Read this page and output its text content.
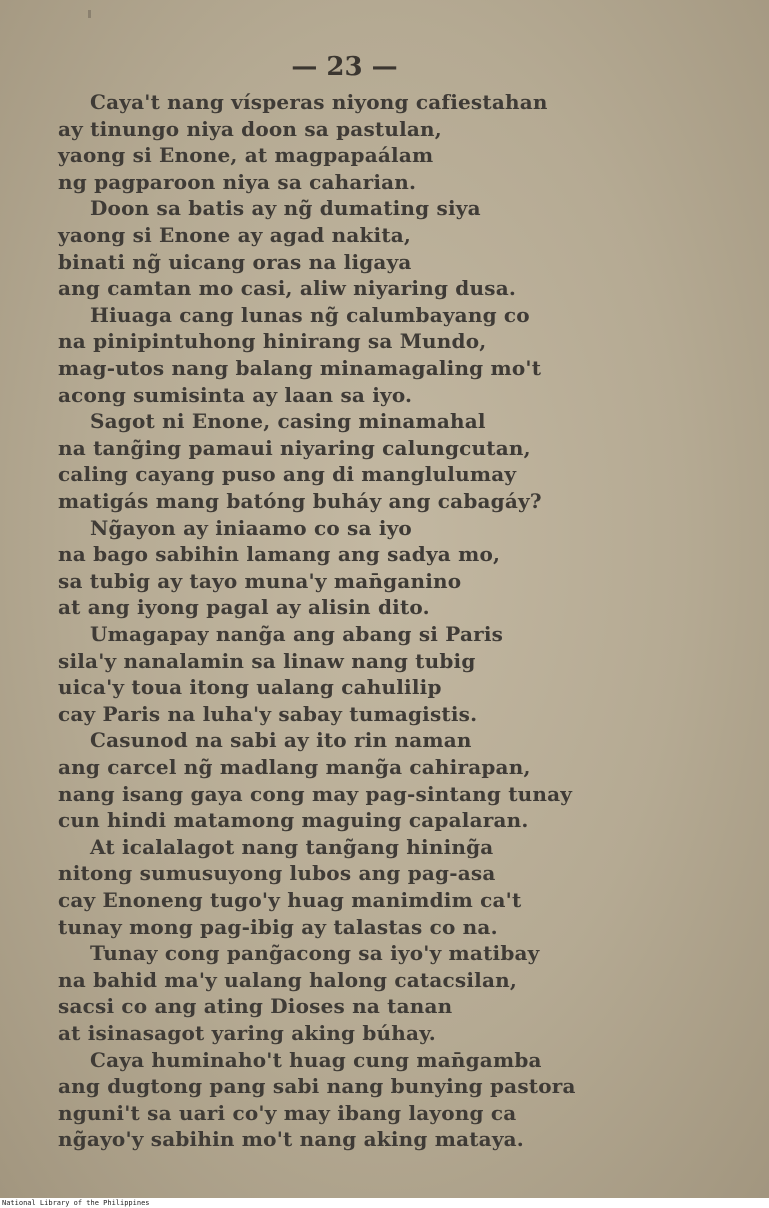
— 23 —
Caya't nang vísperas niyong cafiestahan
ay tinungo niya doon sa pastulan,
yaong si Enone, at magpapaálam
ng pagparoon niya sa caharian.
Doon sa batis ay ng̃ dumating siya
yaong si Enone ay agad nakita,
binati ng̃ uicang oras na ligaya
ang camtan mo casi, aliw niyaring dusa.
Hiuaga cang lunas ng̃ calumbayang co
na pinipintuhong hinirang sa Mundo,
mag-utos nang balang minamagaling mo't
acong sumisinta ay laan sa iyo.
Sagot ni Enone, casing minamahal
na tang̃ing pamaui niyaring calungcutan,
caling cayang puso ang di manglulumay
matigás mang batóng buháy ang cabagáy?
Ng̃ayon ay iniaamo co sa iyo
na bago sabihin lamang ang sadya mo,
sa tubig ay tayo muna'y man̄ganino
at ang iyong pagal ay alisin dito.
Umagapay nang̃a ang abang si Paris
sila'y nanalamin sa linaw nang tubig
uica'y toua itong ualang cahulilip
cay Paris na luha'y sabay tumagistis.
Casunod na sabi ay ito rin naman
ang carcel ng̃ madlang mang̃a cahirapan,
nang isang gaya cong may pag-sintang tunay
cun hindi matamong maguing capalaran.
At icalalagot nang tang̃ang hining̃a
nitong sumusuyong lubos ang pag-asa
cay Enoneng tugo'y huag manimdim ca't
tunay mong pag-ibig ay talastas co na.
Tunay cong pang̃acong sa iyo'y matibay
na bahid ma'y ualang halong catacsilan,
sacsi co ang ating Dioses na tanan
at isinasagot yaring aking búhay.
Caya huminaho't huag cung man̄gamba
ang dugtong pang sabi nang bunying pastora
nguni't sa uari co'y may ibang layong ca
ng̃ayo'y sabihin mo't nang aking mataya.
National Library of the Philippines
